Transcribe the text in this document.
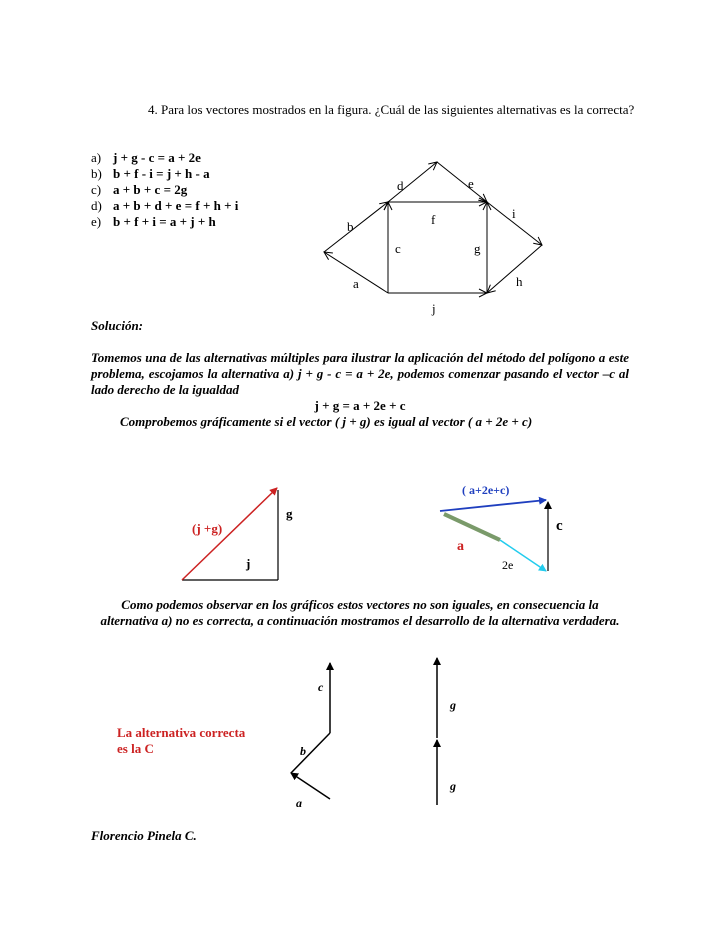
4. Para los vectores mostrados en la figura. ¿Cuál de las siguientes alternativas es la correcta?
a) j + g - c = a + 2e
b) b + f - i = j + h - a
c) a + b + c = 2g
d) a + b + d + e = f + h + i
e) b + f + i = a + j + h
d	e
f	i
b
c	g
a	h
j
Solución:
Tomemos una de las alternativas múltiples para ilustrar la aplicación del método del polígono a este problema, escojamos la alternativa a) j + g - c = a + 2e, podemos comenzar pasando el vector –c al lado derecho de la igualdad
j + g = a + 2e + c
Comprobemos gráficamente si el vector ( j + g) es igual al vector ( a + 2e + c)
(j +g)
g
j
( a+2e+c)
a
c
2e
Como podemos observar en los gráficos estos vectores no son iguales, en consecuencia la alternativa a) no es correcta, a continuación mostramos el desarrollo de la alternativa verdadera.
La alternativa correcta
es la C
c
b
a
g
g
Florencio Pinela C.
